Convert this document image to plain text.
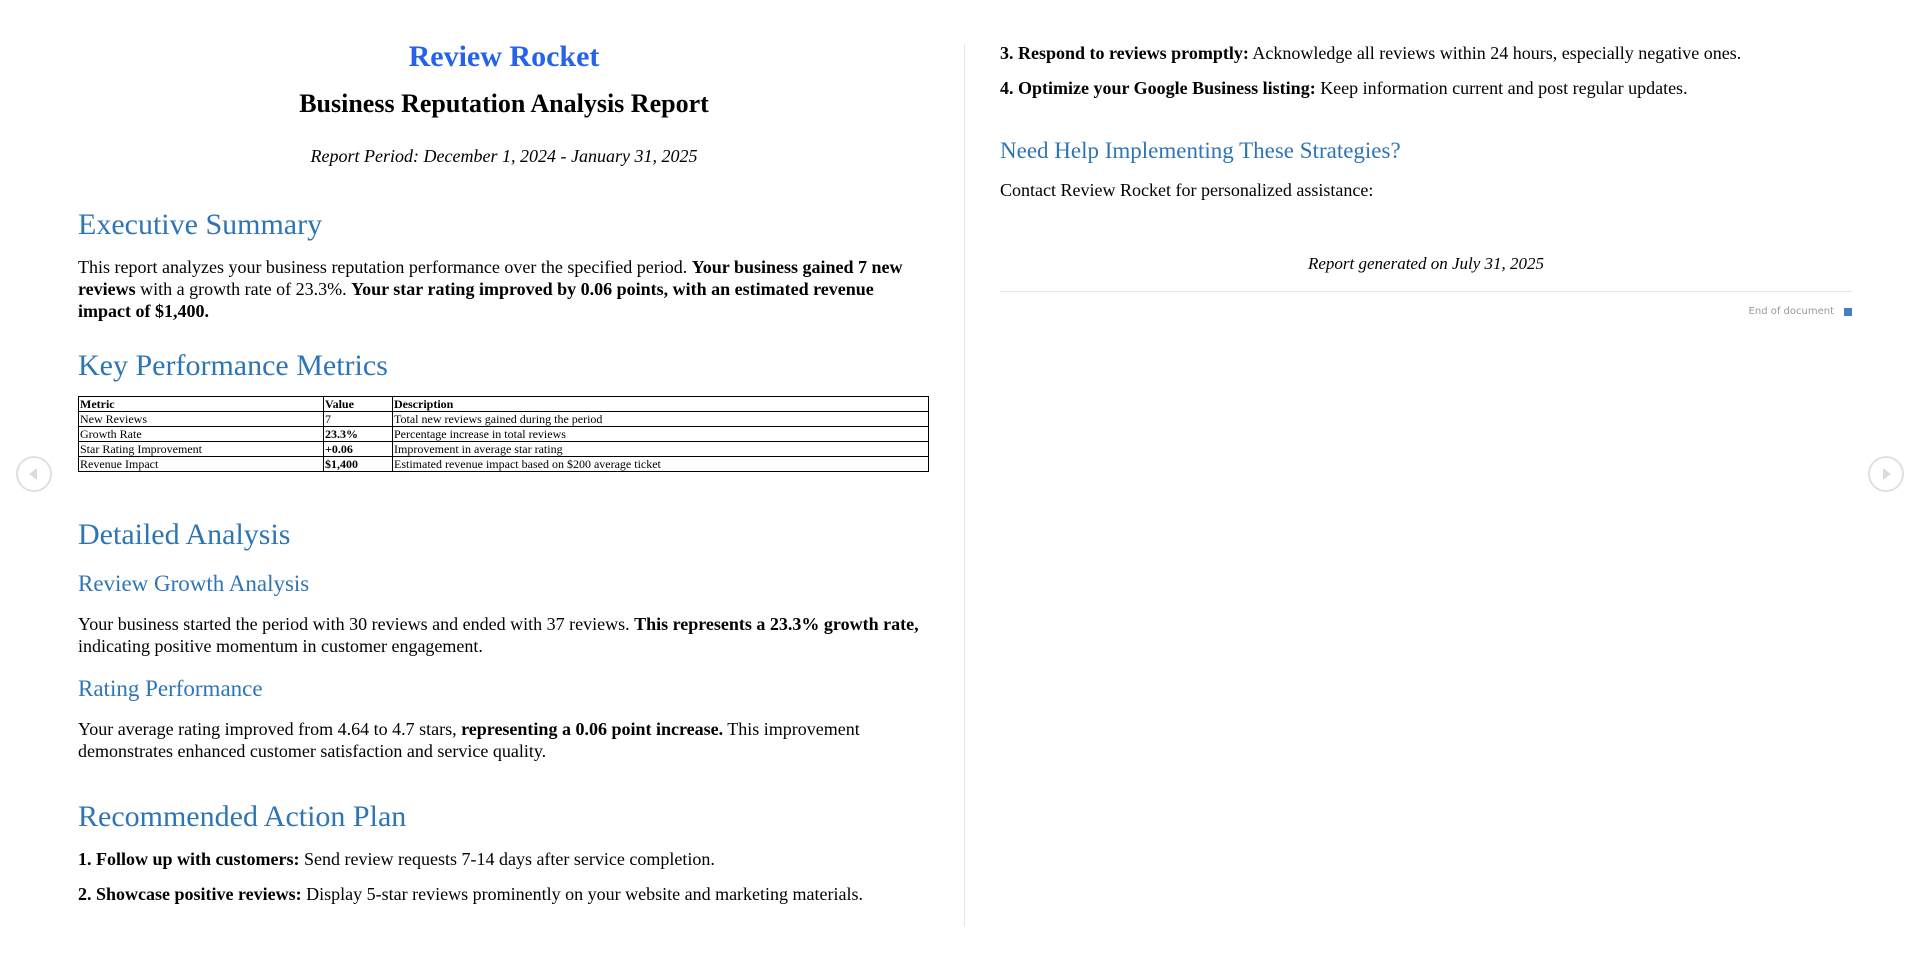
Review Rocket
Business Reputation Analysis Report

Report Period: December 1, 2024 - January 31, 2025

Executive Summary

This report analyzes your business reputation performance over the specified period. Your business gained 7 new reviews with a growth rate of 23.3%. Your star rating improved by 0.06 points, with an estimated revenue impact of $1,400.

Key Performance Metrics
Metric	Value	Description
New Reviews	7	Total new reviews gained during the period
Growth Rate	23.3%	Percentage increase in total reviews
Star Rating Improvement	+0.06	Improvement in average star rating
Revenue Impact	$1,400	Estimated revenue impact based on $200 average ticket
Detailed Analysis
Review Growth Analysis

Your business started the period with 30 reviews and ended with 37 reviews. This represents a 23.3% growth rate, indicating positive momentum in customer engagement.

Rating Performance

Your average rating improved from 4.64 to 4.7 stars, representing a 0.06 point increase. This improvement demonstrates enhanced customer satisfaction and service quality.

Recommended Action Plan

1. Follow up with customers: Send review requests 7-14 days after service completion.

2. Showcase positive reviews: Display 5-star reviews prominently on your website and marketing materials.

3. Respond to reviews promptly: Acknowledge all reviews within 24 hours, especially negative ones.

4. Optimize your Google Business listing: Keep information current and post regular updates.

Need Help Implementing These Strategies?

Contact Review Rocket for personalized assistance:

Report generated on July 31, 2025

End of document
